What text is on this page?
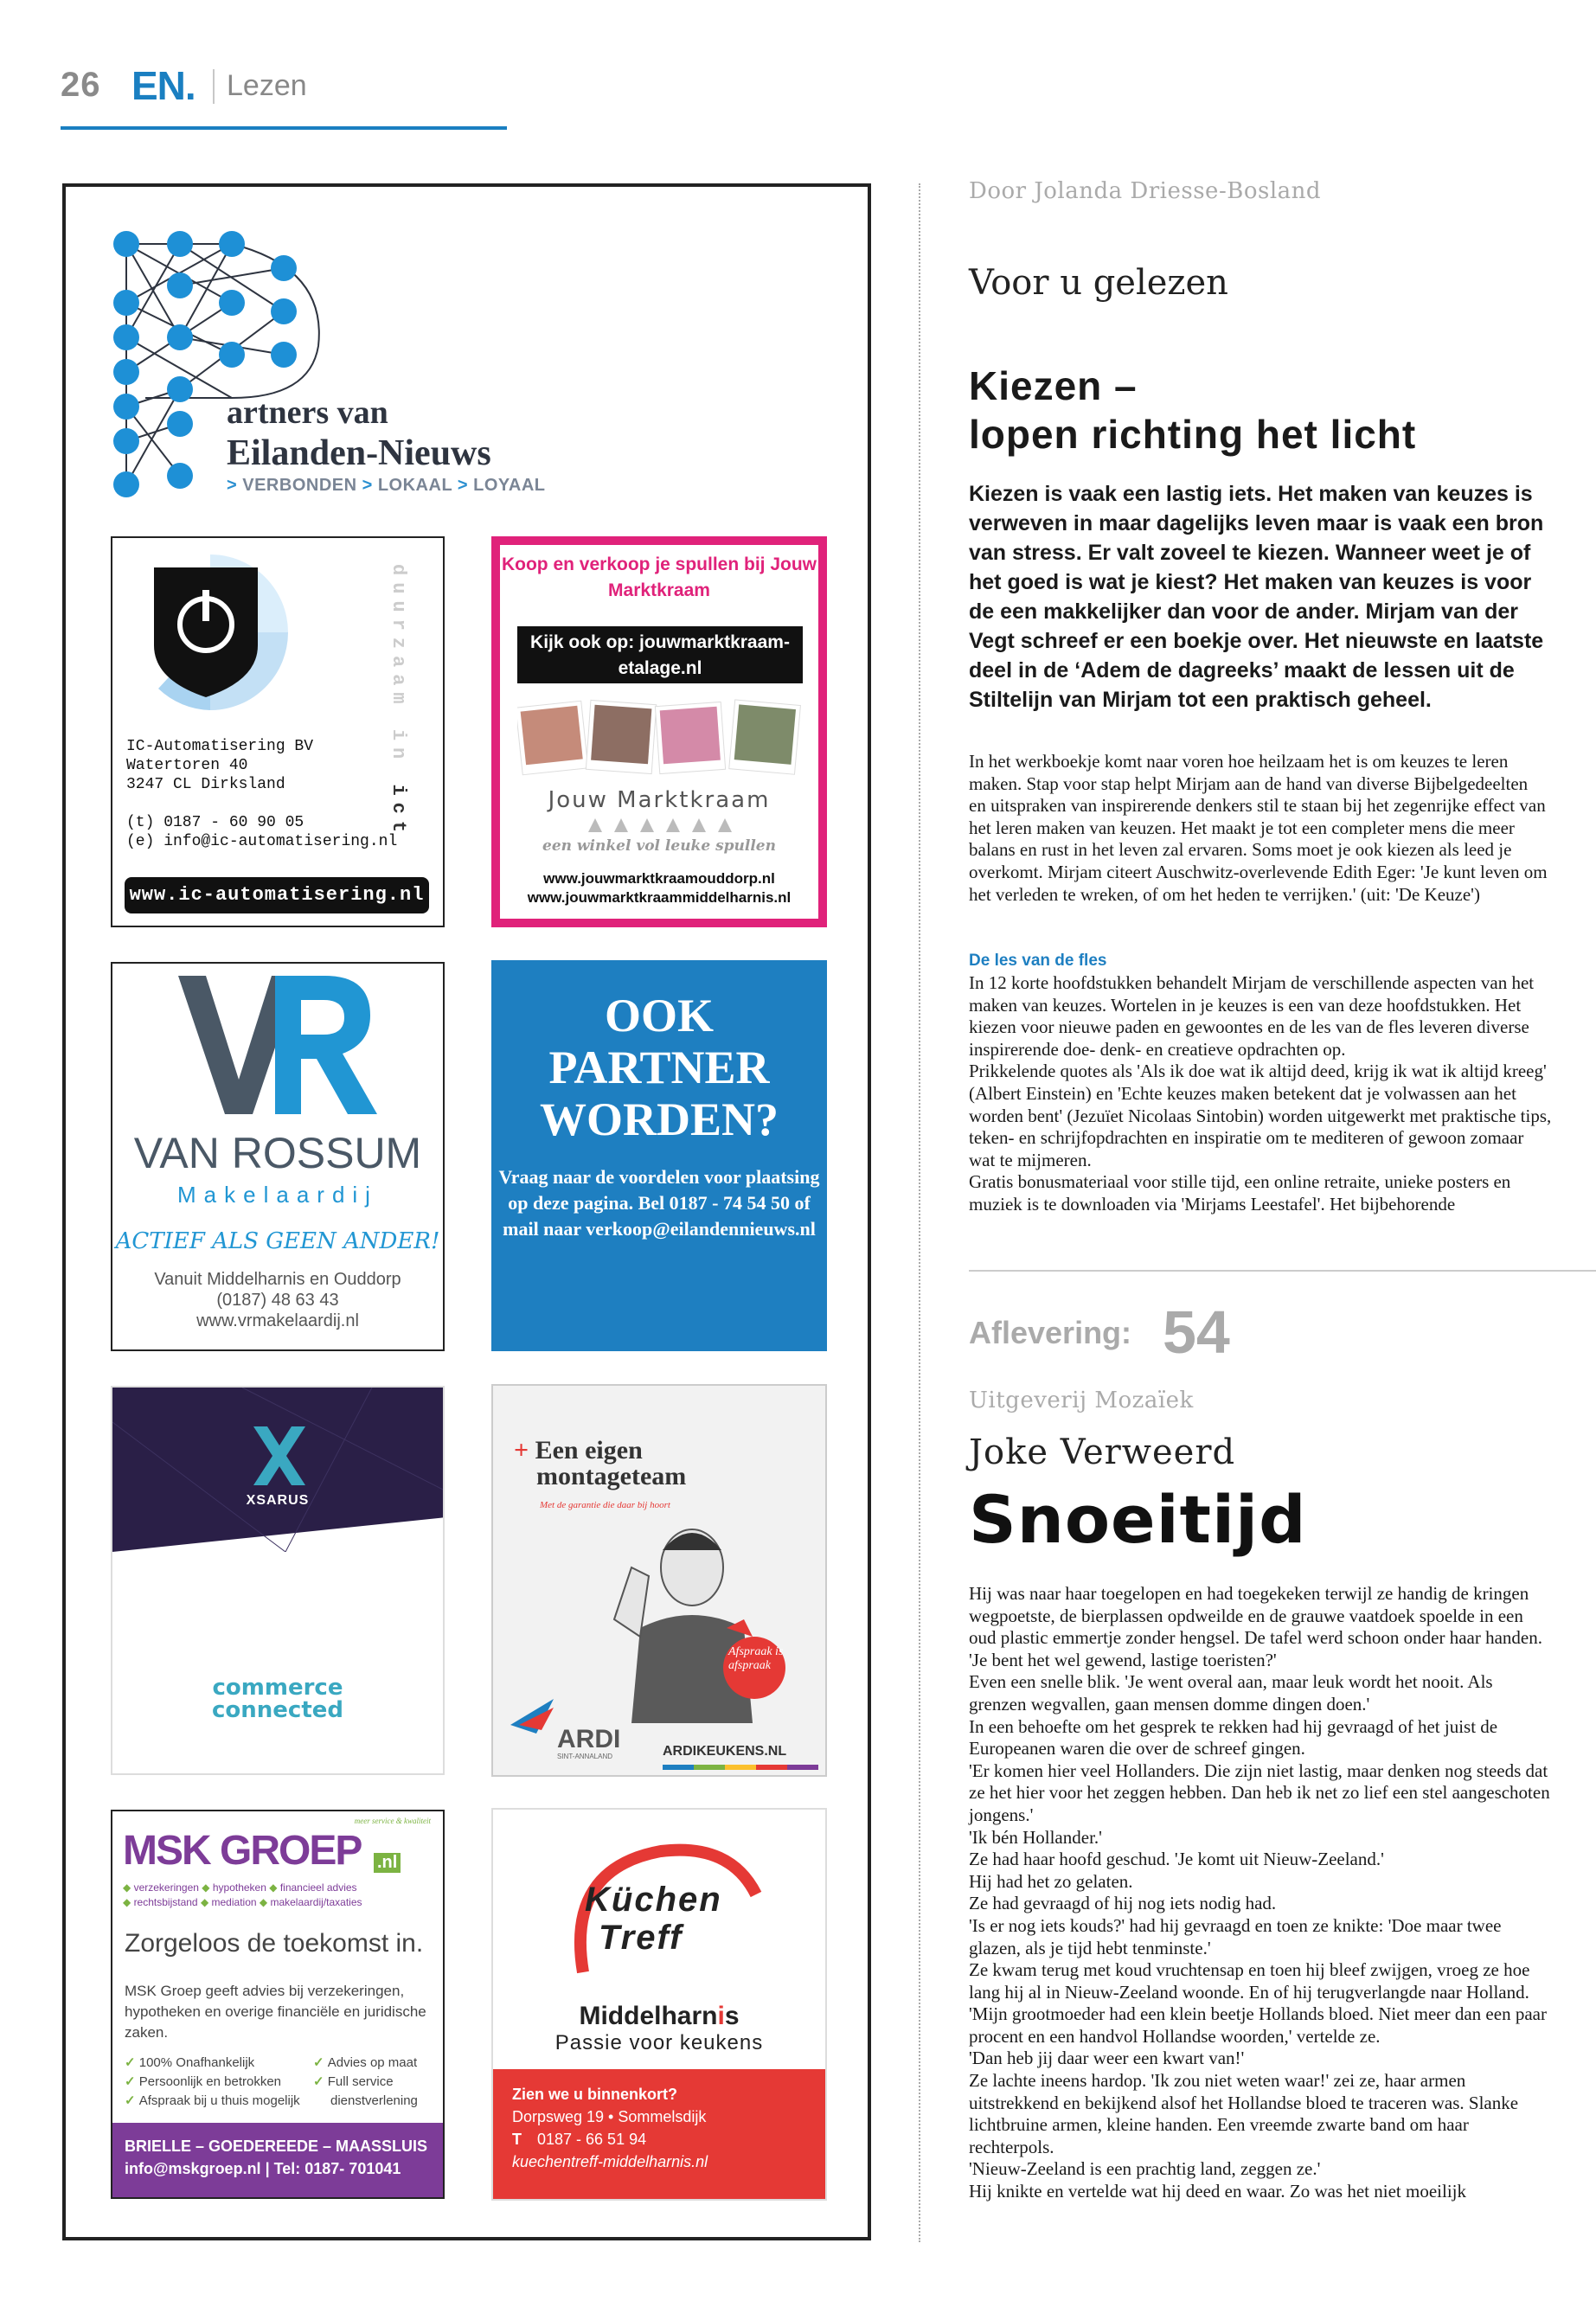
26 EN. Lezen
artners van
Eilanden-Nieuws
> VERBONDEN > LOKAAL > LOYAAL
duurzaam in ict
IC-Automatisering BV
Watertoren 40
3247 CL Dirksland

(t) 0187 - 60 90 05
(e) info@ic-automatisering.nl
www.ic-automatisering.nl
Koop en verkoop je spullen bij Jouw Marktkraam
Kijk ook op: jouwmarktkraam-etalage.nl
Jouw Marktkraam
een winkel vol leuke spullen
www.jouwmarktkraamouddorp.nl
www.jouwmarktkraammiddelharnis.nl
VAN ROSSUM
Makelaardij
ACTIEF ALS GEEN ANDER!
Vanuit Middelharnis en Ouddorp
(0187) 48 63 43
www.vrmakelaardij.nl
OOK PARTNER WORDEN?
Vraag naar de voordelen voor plaatsing op deze pagina. Bel 0187 - 74 54 50 of mail naar verkoop@eilandennieuws.nl
XSARUS
commerce
connected
+ Een eigen
montageteam
Met de garantie die daar bij hoort
Afspraak is afspraak
ARDI
SINT-ANNALAND	ARDIKEUKENS.NL
meer service & kwaliteit
MSK GROEP .nl
◆ verzekeringen ◆ hypotheken ◆ financieel advies
◆ rechtsbijstand ◆ mediation ◆ makelaardij/taxaties
Zorgeloos de toekomst in.
MSK Groep geeft advies bij verzekeringen, hypotheken en overige financiële en juridische zaken.
✓ 100% Onafhankelijk
✓ Persoonlijk en betrokken
✓ Afspraak bij u thuis mogelijk
✓ Advies op maat
✓ Full service
dienstverlening
BRIELLE – GOEDEREEDE – MAASSLUIS
info@mskgroep.nl | Tel: 0187- 701041
Küchen
Treff
Middelharnis
Passie voor keukens
Zien we u binnenkort?
Dorpsweg 19 • Sommelsdijk
T 0187 - 66 51 94
kuechentreff-middelharnis.nl
Door Jolanda Driesse-Bosland
Voor u gelezen
Kiezen –
lopen richting het licht
Kiezen is vaak een lastig iets. Het maken van keuzes is verweven in maar dagelijks leven maar is vaak een bron van stress. Er valt zoveel te kiezen. Wanneer weet je of het goed is wat je kiest? Het maken van keuzes is voor de een makkelijker dan voor de ander. Mirjam van der Vegt schreef er een boekje over. Het nieuwste en laatste deel in de ‘Adem de dagreeks’ maakt de lessen uit de Stiltelijn van Mirjam tot een praktisch geheel.

In het werkboekje komt naar voren hoe heilzaam het is om keuzes te leren maken. Stap voor stap helpt Mirjam aan de hand van diverse Bijbelgedeelten en uitspraken van inspirerende denkers stil te staan bij het zegenrijke effect van het leren maken van keuzen. Het maakt je tot een completer mens die meer balans en rust in het leven zal ervaren. Soms moet je ook kiezen als leed je overkomt. Mirjam citeert Auschwitz-overlevende Edith Eger: 'Je kunt leven om het verleden te wreken, of om het heden te verrijken.' (uit: 'De Keuze')

De les van de fles

In 12 korte hoofdstukken behandelt Mirjam de verschillende aspecten van het maken van keuzes. Wortelen in je keuzes is een van deze hoofdstukken. Het kiezen voor nieuwe paden en gewoontes en de les van de fles leveren diverse inspirerende doe- denk- en creatieve opdrachten op.

Prikkelende quotes als 'Als ik doe wat ik altijd deed, krijg ik wat ik altijd kreeg' (Albert Einstein) en 'Echte keuzes maken betekent dat je volwassen aan het worden bent' (Jezuïet Nicolaas Sintobin) worden uitgewerkt met praktische tips, teken- en schrijfopdrachten en inspiratie om te mediteren of gewoon zomaar wat te mijmeren.

Gratis bonusmateriaal voor stille tijd, een online retraite, unieke posters en muziek is te downloaden via 'Mirjams Leestafel'. Het bijbehorende

Aflevering: 54
Uitgeverij Mozaïek
Joke Verweerd
Snoeitijd

Hij was naar haar toegelopen en had toegekeken terwijl ze handig de kringen wegpoetste, de bierplassen opdweilde en de grauwe vaatdoek spoelde in een oud plastic emmertje zonder hengsel. De tafel werd schoon onder haar handen.

'Je bent het wel gewend, lastige toeristen?'

Even een snelle blik. 'Je went overal aan, maar leuk wordt het nooit. Als grenzen wegvallen, gaan mensen domme dingen doen.'

In een behoefte om het gesprek te rekken had hij gevraagd of het juist de Europeanen waren die over de schreef gingen.

'Er komen hier veel Hollanders. Die zijn niet lastig, maar denken nog steeds dat ze het hier voor het zeggen hebben. Dan heb ik net zo lief een stel aangeschoten jongens.'

'Ik bén Hollander.'

Ze had haar hoofd geschud. 'Je komt uit Nieuw-Zeeland.'

Hij had het zo gelaten.

Ze had gevraagd of hij nog iets nodig had.

'Is er nog iets kouds?' had hij gevraagd en toen ze knikte: 'Doe maar twee glazen, als je tijd hebt tenminste.'

Ze kwam terug met koud vruchtensap en toen hij bleef zwijgen, vroeg ze hoe lang hij al in Nieuw-Zeeland woonde. En of hij terugverlangde naar Holland.

'Mijn grootmoeder had een klein beetje Hollands bloed. Niet meer dan een paar procent en een handvol Hollandse woorden,' vertelde ze.

'Dan heb jij daar weer een kwart van!'

Ze lachte ineens hardop. 'Ik zou niet weten waar!' zei ze, haar armen uitstrekkend en bekijkend alsof het Hollandse bloed te traceren was. Slanke lichtbruine armen, kleine handen. Een vreemde zwarte band om haar rechterpols.

'Nieuw-Zeeland is een prachtig land, zeggen ze.'

Hij knikte en vertelde wat hij deed en waar. Zo was het niet moeilijk
